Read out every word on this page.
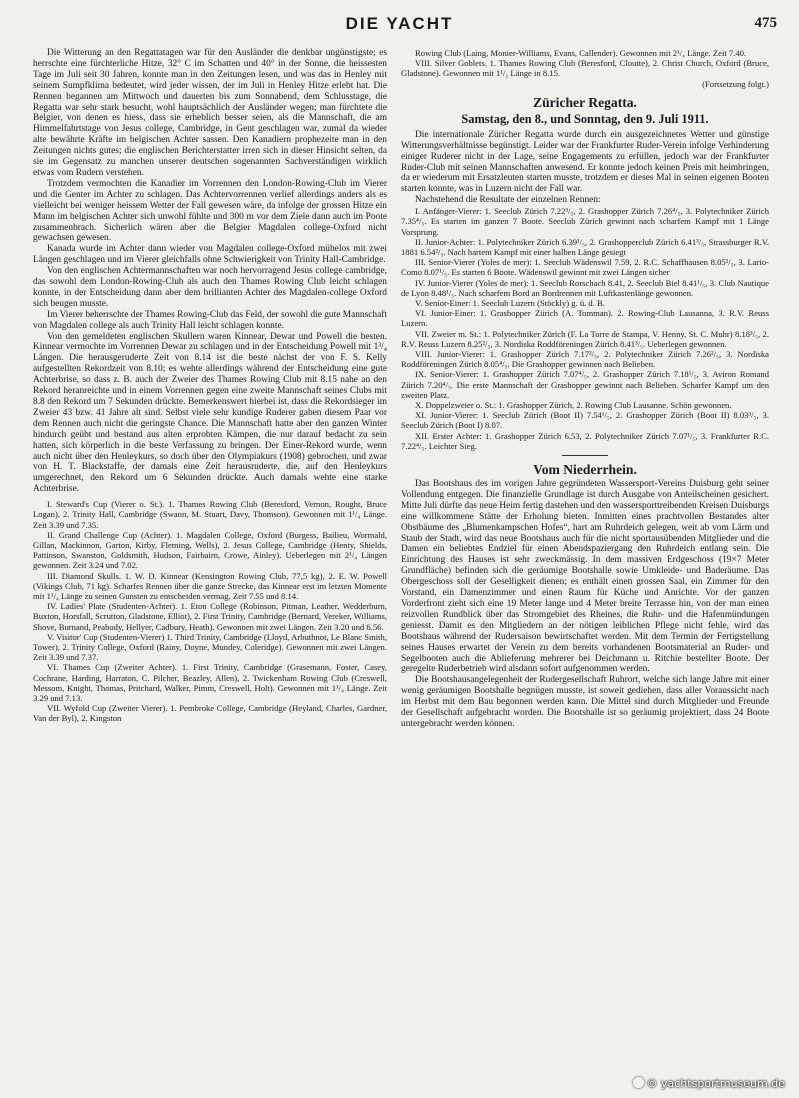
DIE YACHT	475

Die Witterung an den Regattatagen war für den Ausländer die denkbar ungünstigste; es herrschte eine fürchterliche Hitze, 32° C im Schatten und 40° in der Sonne, die heissesten Tage im Juli seit 30 Jahren, konnte man in den Zeitungen lesen, und was das in Henley mit seinem Sumpfklima bedeutet, wird jeder wissen, der im Juli in Henley Hitze erlebt hat. Die Rennen begannen am Mittwoch und dauerten bis zum Sonnabend, dem Schlusstage, die Regatta war sehr stark besucht, wohl hauptsächlich der Ausländer wegen; man fürchtete die Belgier, von denen es hiess, dass sie erheblich besser seien, als die Mannschaft, die am Himmelfahrtstage von Jesus college, Cambridge, in Gent geschlagen war, zumal da wieder alte bewährte Kräfte im belgischen Achter sassen. Den Kanadiern prophezeite man in den Zeitungen nichts gutes; die englischen Berichterstatter irren sich in dieser Hinsicht selten, da sie im Gegensatz zu manchen unserer deutschen sogenannten Sachverständigen wirklich etwas vom Rudern verstehen.

Trotzdem vermochten die Kanadier im Vorrennen den London-Rowing-Club im Vierer und die Genter im Achter zu schlagen. Das Achtervorrennen verlief allerdings anders als es vielleicht bei weniger heissem Wetter der Fall gewesen wäre, da infolge der grossen Hitze ein Mann im belgischen Achter sich unwohl fühlte und 300 m vor dem Ziele dann auch im Poote zusammenbrach. Sicherlich wären aber die Belgier Magdalen college-Oxford nicht gewachsen gewesen.

Kanada wurde im Achter dann wieder von Magdalen college-Oxford mühelos mit zwei Längen geschlagen und im Vierer gleichfalls ohne Schwierigkeit von Trinity Hall-Cambridge.

Von den englischen Achtermannschaften war noch hervorragend Jesus college cambridge, das sowohl dem London-Rowing-Club als auch den Thames Rowing Club leicht schlagen konnte, in der Entscheidung dann aber dem brillianten Achter des Magdalen-college Oxford sich beugen musste.

Im Vierer beherrschte der Thames Rowing-Club das Feld, der sowohl die gute Mannschaft von Magdalen college als auch Trinity Hall leicht schlagen konnte.

Von den gemeldeten englischen Skullern waren Kinnear, Dewar und Powell die besten. Kinnear vermochte im Vorrennen Dewar zu schlagen und in der Entscheidung Powell mit 1³/₄ Längen. Die herausgeruderte Zeit von 8.14 ist die beste nächst der von F. S. Kelly aufgestellten Rekordzeit von 8.10; es wehte allerdings während der Entscheidung eine gute Achterbrise, so dass z. B. auch der Zweier des Thames Rowing Club mit 8.15 nahe an den Rekord heranreichte und in einem Vorrennen gegen eine zweite Mannschaft seines Clubs mit 8.8 den Rekord um 7 Sekunden drückte. Bemerkenswert hierbei ist, dass die Rekordsieger im Zweier 43 bzw. 41 Jahre alt sind. Selbst viele sehr kundige Ruderer gaben diesem Paar vor dem Rennen auch nicht die geringste Chance. Die Mannschaft hatte aber den ganzen Winter hindurch geübt und bestand aus alten erprobten Kämpen, die nur darauf bedacht zu sein hatten, sich körperlich in die beste Verfassung zu bringen. Der Einer-Rekord wurde, wenn auch nicht über den Henleykurs, so doch über den Olympiakurs (1908) gebrochen, und zwar von H. T. Blackstaffe, der damals eine Zeit herausruderte, die, auf den Henleykurs umgerechnet, den Rekord um 6 Sekunden drückte. Auch damals wehte eine starke Achterbrise.

I. Steward's Cup (Vierer o. St.). 1. Thames Rowing Club (Beresford, Vernon, Rought, Bruce Logan), 2. Trinity Hall, Cambridge (Swann, M. Stuart, Davy, Thomson). Gewonnen mit 1¹/₄ Länge. Zeit 3.39 und 7.35.

II. Grand Challenge Cup (Achter). 1. Magdalen College, Oxford (Burgess, Bailieu, Wormald, Gillan, Mackinnon, Garton, Kirby, Fleming, Wells), 2. Jesus College, Cambridge (Henty, Shields, Pattinson, Swanston, Goldsmith, Hudson, Fairbairn, Crowe, Ainley). Ueberlegen mit 2¹/₄ Längen gewonnen. Zeit 3.24 und 7.02.

III. Diamond Skulls. 1. W. D. Kinnear (Kensington Rowing Club, 77,5 kg), 2. E. W. Powell (Vikings Club, 71 kg). Scharfes Rennen über die ganze Strecke, das Kinnear erst im letzten Momente mit 1¹/₄ Länge zu seinen Gunsten zu entscheiden vermag. Zeit 7.55 und 8.14.

IV. Ladies' Plate (Studenten-Achter). 1. Eton College (Robinson, Pitman, Leather, Wedderburn, Buxton, Horsfall, Scrutton, Gladstone, Elliot), 2. First Trinity, Cambridge (Bernard, Vereker, Williams, Shove, Burnand, Peabody, Hellyer, Cadbury, Heath). Gewonnen mit zwei Längen. Zeit 3.20 und 6.56.

V. Visitor' Cup (Studenten-Vierer) 1. Third Trinity, Cambridge (Lloyd, Arbuthnot, Le Blanc Smith, Tower), 2. Trinity College, Oxford (Rainy, Doyne, Mundey, Coleridge). Gewonnen mit zwei Längen. Zeit 3.39 und 7.37.

VI. Thames Cup (Zweiter Achter). 1. First Trinity, Cambridge (Grasemann, Foster, Casey, Cochrane, Harding, Harraton, C. Pilcher, Beazley, Allen), 2. Twickenham Rowing Club (Creswell, Messom, Knight, Thomas, Pritchard, Walker, Pimm, Creswell, Holt). Gewonnen mit 1¹/₄ Länge. Zeit 3.29 und 7.13.

VII. Wyfold Cup (Zweiter Vierer). 1. Pembroke College, Cambridge (Heyland, Charles, Gardner, Van der Byl), 2. Kingston

Rowing Club (Laing, Monier-Williams, Evans, Callender). Gewonnen mit 2¹/₄ Länge. Zeit 7.40.

VIII. Silver Goblets. 1. Thames Rowing Club (Beresford, Cloutte), 2. Christ Church, Oxford (Bruce, Gladstone). Gewonnen mit 1¹/₂ Länge in 8.15.

(Fortsetzung folgt.)

Züricher Regatta.
Samstag, den 8., und Sonntag, den 9. Juli 1911.

Die internationale Züricher Regatta wurde durch ein ausgezeichnetes Wetter und günstige Witterungsverhältnisse begünstigt. Leider war der Frankfurter Ruder-Verein infolge Verhinderung einiger Ruderer nicht in der Lage, seine Engagements zu erfüllen, jedoch war der Frankfurter Ruder-Club mit seinen Mannschaften anwesend. Er konnte jedoch keinen Preis mit heimbringen, da er wiederum mit Ersatzleuten starten musste, trotzdem er dieses Mal in seinen eigenen Booten starten konnte, was in Luzern nicht der Fall war.

Nachstehend die Resultate der einzelnen Rennen:

I. Anfänger-Vierer: 1. Seeclub Zürich 7.22³/₅, 2. Grashopper Zürich 7.26⁴/₅, 3. Polytechniker Zürich 7.35⁴/₅. Es starten im ganzen 7 Boote. Seeclub Zürich gewinnt nach scharfem Kampf mit 1 Länge Vorsprung.

II. Junior-Achter: 1. Polytechniker Zürich 6.39¹/₅, 2. Grashopperclub Zürich 6.41³/₅, Strassburger R.V. 1881 6.54²/₅. Nach hartem Kampf mit einer halben Länge gesiegt

III. Senior-Vierer (Yoles de mer): 1. Seeclub Wädenswil 7.59, 2. R.C. Schaffhausen 8.05²/₅, 3. Lario-Como 8.07¹/₅. Es starten 6 Boote. Wädenswil gewinnt mit zwei Längen sicher

IV. Junior-Vierer (Yoles de mer): 1. Seeclub Rorschach 8.41, 2. Seeclub Biel 8.41¹/₅, 3. Club Nautique de Lyon 8.48¹/₅. Nach scharfem Bord an Bordrennen mit Luftkastenlänge gewonnen.

V. Senior-Einer: 1. Seeclub Luzern (Stöckly) g. ü. d. B.

VI. Junior-Einer: 1. Grashopper Zürich (A. Tomman). 2. Rowing-Club Lausanna, 3. R.V. Reuss Luzern.

VII. Zweier m. St.: 1. Polytechniker Zürich (F. La Torre de Stampa, V. Henny, St. C. Muhr) 8.18³/₅, 2. R.V. Reuss Luzern 8.25²/₅, 3. Nordiska Roddföreningen Zürich 8.41³/₅. Ueberlegen gewonnen.

VIII. Junior-Vierer: 1. Grashopper Zürich 7.17²/₅, 2. Polytechniker Zürich 7.26²/₅, 3. Nordiska Roddföreningen Zürich 8.05⁴/₅. Die Grashopper gewinnen nach Belieben.

IX. Senior-Vierer: 1. Grashopper Zürich 7.07⁴/₅, 2. Grashopper Zürich 7.18¹/₅, 3. Aviron Romand Zürich 7.20⁴/₅. Die erste Mannschaft der Grashopper gewinnt nach Belieben. Scharfer Kampf um den zweiten Platz.

X. Doppelzweier o. St.: 1. Grashopper Zürich, 2. Rowing Club Lausanne. Schön gewonnen.

XI. Junior-Vierer: 1. Seeclub Zürich (Boot II) 7.54¹/₅, 2. Grashopper Zürich (Boot II) 8.03³/₅, 3. Seeclub Zürich (Boot I) 8.07.

XII. Erster Achter: 1. Grashopper Zürich 6.53, 2. Polytechniker Zürich 7.07¹/₅, 3. Frankfurter R.C. 7.22⁴/₅. Leichter Sieg.

Vom Niederrhein.

Das Bootshaus des im vorigen Jahre gegründeten Wassersport-Vereins Duisburg geht seiner Vollendung entgegen. Die finanzielle Grundlage ist durch Ausgabe von Anteilscheinen gesichert. Mitte Juli dürfte das neue Heim fertig dastehen und den wassersporttreibenden Kreisen Duisburgs eine willkommene Stätte der Erholung bieten. Inmitten eines prachtvollen Bestandes alter Obstbäume des „Blumenkampschen Hofes“, hart am Ruhrdeich gelegen, weit ab vom Lärm und Staub der Stadt, wird das neue Bootshaus auch für die nicht sportausübenden Mitglieder und die Damen ein beliebtes Endziel für einen Abendspaziergang den Ruhrdeich entlang sein. Die Einrichtung des Hauses ist sehr zweckmässig. In dem massiven Erdgeschoss (19×7 Meter Grundfläche) befinden sich die geräumige Bootshalle sowie Umkleide- und Baderäume. Das Obergeschoss soll der Geselligkeit dienen; es enthält einen grossen Saal, ein Zimmer für den Vorstand, ein Damenzimmer und einen Raum für Küche und Anrichte. Vor der ganzen Vorderfront zieht sich eine 19 Meter lange und 4 Meter breite Terrasse hin, von der man einen reizvollen Rundblick über das Stromgebiet des Rheines, die Ruhr- und die Hafenmündungen geniesst. Damit es den Mitgliedern an der nötigen leiblichen Pflege nicht fehle, wird das Bootshaus während der Rudersaison bewirtschaftet werden. Mit dem Termin der Fertigstellung seines Hauses erwartet der Verein zu dem bereits vorhandenen Bootsmaterial an Ruder- und Segelbooten auch die Ablieferung mehrerer bei Deichmann u. Ritchie bestellter Boote. Der geregelte Ruderbetrieb wird alsdann sofort aufgenommen werden.

Die Bootshausangelegenheit der Rudergesellschaft Ruhrort, welche sich lange Jahre mit einer wenig geräumigen Bootshalle begnügen musste, ist soweit gediehen, dass aller Voraussicht nach im Herbst mit dem Bau begonnen werden kann. Die Mittel sind durch Mitglieder und Freunde der Gesellschaft aufgebracht worden. Die Bootshalle ist so geräumig projektiert, dass 24 Boote untergebracht werden können.

© yachtsportmuseum.de
